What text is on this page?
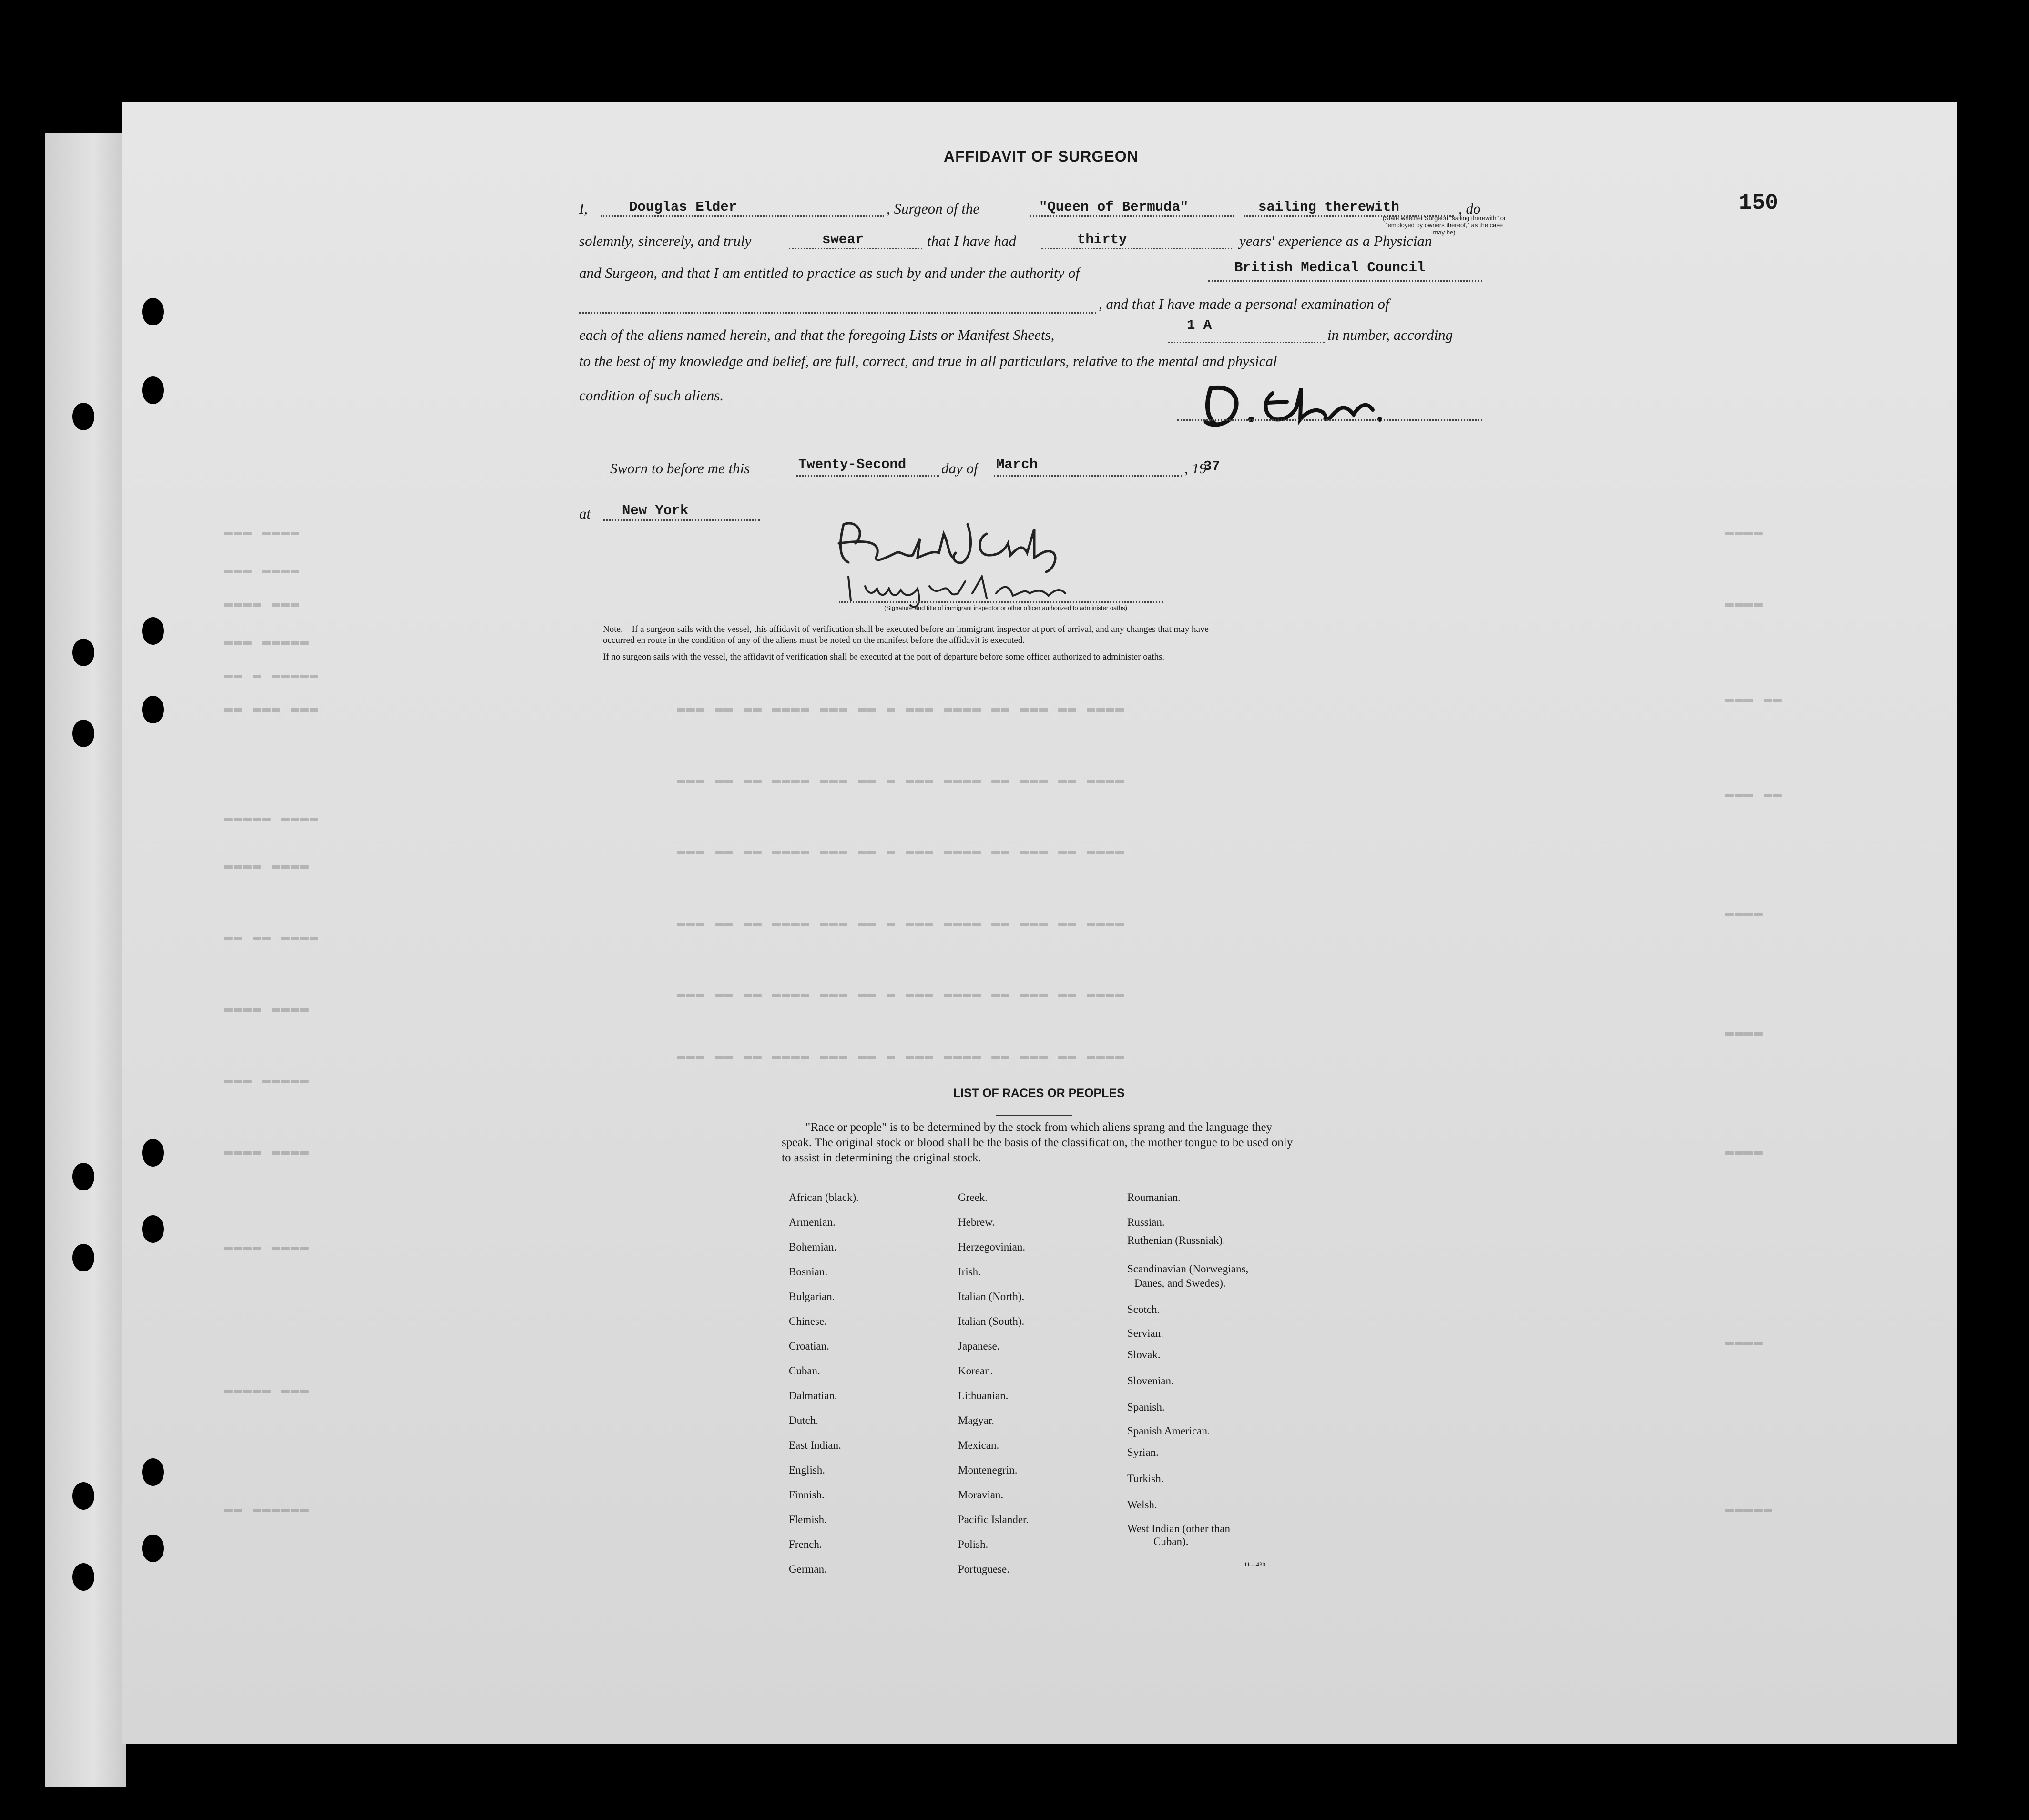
▬▬▬ ▬▬▬▬
▬▬▬ ▬▬▬▬
▬▬▬▬ ▬▬▬
▬▬▬ ▬▬▬▬▬
▬▬ ▬ ▬▬▬▬▬
▬▬ ▬▬▬ ▬▬▬
▬▬▬▬▬ ▬▬▬▬
▬▬▬▬ ▬▬▬▬
▬▬ ▬▬ ▬▬▬▬
▬▬▬▬ ▬▬▬▬
▬▬▬ ▬▬▬▬▬
▬▬▬▬ ▬▬▬▬
▬▬▬▬ ▬▬▬▬
▬▬▬▬▬ ▬▬▬
▬▬ ▬▬▬▬▬▬
▬▬▬▬
▬▬▬▬
▬▬▬ ▬▬
▬▬▬ ▬▬
▬▬▬▬
▬▬▬▬
▬▬▬▬
▬▬▬▬
▬▬▬▬▬
▬▬▬ ▬▬ ▬▬ ▬▬▬▬ ▬▬▬ ▬▬ ▬ ▬▬▬ ▬▬▬▬ ▬▬ ▬▬▬ ▬▬ ▬▬▬▬
▬▬▬ ▬▬ ▬▬ ▬▬▬▬ ▬▬▬ ▬▬ ▬ ▬▬▬ ▬▬▬▬ ▬▬ ▬▬▬ ▬▬ ▬▬▬▬
▬▬▬ ▬▬ ▬▬ ▬▬▬▬ ▬▬▬ ▬▬ ▬ ▬▬▬ ▬▬▬▬ ▬▬ ▬▬▬ ▬▬ ▬▬▬▬
▬▬▬ ▬▬ ▬▬ ▬▬▬▬ ▬▬▬ ▬▬ ▬ ▬▬▬ ▬▬▬▬ ▬▬ ▬▬▬ ▬▬ ▬▬▬▬
▬▬▬ ▬▬ ▬▬ ▬▬▬▬ ▬▬▬ ▬▬ ▬ ▬▬▬ ▬▬▬▬ ▬▬ ▬▬▬ ▬▬ ▬▬▬▬
▬▬▬ ▬▬ ▬▬ ▬▬▬▬ ▬▬▬ ▬▬ ▬ ▬▬▬ ▬▬▬▬ ▬▬ ▬▬▬ ▬▬ ▬▬▬▬
AFFIDAVIT OF SURGEON
150
I,	Douglas Elder	, Surgeon of the	"Queen of Bermuda"	sailing therewith
(State whether Surgeon "sailing therewith" or "employed by owners thereof," as the case may be)
, do
solemnly, sincerely, and truly	swear	that I have had	thirty	years' experience as a Physician
and Surgeon, and that I am entitled to practice as such by and under the authority of	British Medical Council
, and that I have made a personal examination of
each of the aliens named herein, and that the foregoing Lists or Manifest Sheets,
1 A
in number, according
to the best of my knowledge and belief, are full, correct, and true in all particulars, relative to the mental and physical
condition of such aliens.
Sworn to before me this	Twenty-Second day of March	, 19
37
at New York
(Signature and title of immigrant inspector or other officer authorized to administer oaths)
Note.—If a surgeon sails with the vessel, this affidavit of verification shall be executed before an immigrant inspector at port of arrival, and any changes that may have
occurred en route in the condition of any of the aliens must be noted on the manifest before the affidavit is executed.
If no surgeon sails with the vessel, the affidavit of verification shall be executed at the port of departure before some officer authorized to administer oaths.
LIST OF RACES OR PEOPLES
"Race or people" is to be determined by the stock from which aliens sprang and the language they speak. The original stock or blood shall be the basis of the classification, the mother tongue to be used only to assist in determining the original stock.
African (black).
Armenian.
Bohemian.
Bosnian.
Bulgarian.
Chinese.
Croatian.
Cuban.
Dalmatian.
Dutch.
East Indian.
English.
Finnish.
Flemish.
French.
German.
Greek.
Hebrew.
Herzegovinian.
Irish.
Italian (North).
Italian (South).
Japanese.
Korean.
Lithuanian.
Magyar.
Mexican.
Montenegrin.
Moravian.
Pacific Islander.
Polish.
Portuguese.
Roumanian.
Russian.
Ruthenian (Russniak).
Scandinavian (Norwegians,
Danes, and Swedes).
Scotch.
Servian.
Slovak.
Slovenian.
Spanish.
Spanish American.
Syrian.
Turkish.
Welsh.
West Indian (other than
Cuban).
11—430
